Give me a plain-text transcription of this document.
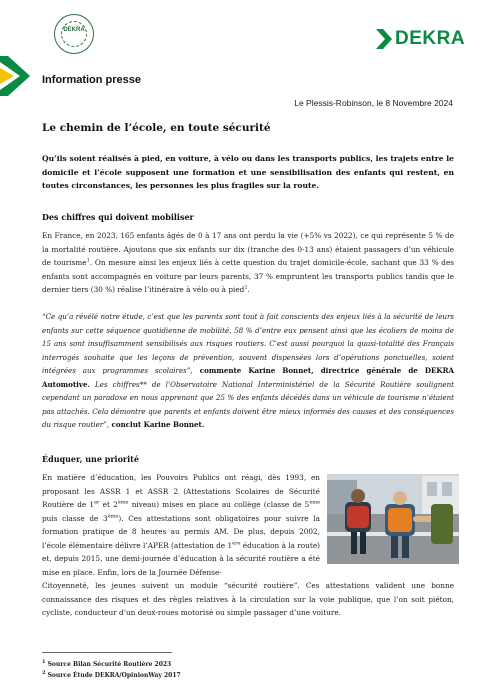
DEKRA	DEKRA
Information presse
Le Plessis-Robinson, le 8 Novembre 2024
Le chemin de l’école, en toute sécurité
Qu’ils soient réalisés à pied, en voiture, à vélo ou dans les transports publics, les trajets entre le domicile et l’école supposent une formation et une sensibilisation des enfants qui restent, en toutes circonstances, les personnes les plus fragiles sur la route.
Des chiffres qui doivent mobiliser
En France, en 2023, 165 enfants âgés de 0 à 17 ans ont perdu la vie (+5% vs 2022), ce qui représente 5 % de la mortalité routière. Ajoutons que six enfants sur dix (tranche des 0-13 ans) étaient passagers d’un véhicule de tourisme$^1$. On mesure ainsi les enjeux liés à cette question du trajet domicile-école, sachant que 33 % des enfants sont accompagnés en voiture par leurs parents, 37 % empruntent les transports publics tandis que le dernier tiers (30 %) réalise l’itinéraire à vélo ou à pied$^2$.
“Ce qu’a révélé notre étude, c’est que les parents sont tout à fait conscients des enjeux liés à la sécurité de leurs enfants sur cette séquence quotidienne de mobilité. 58 % d’entre eux pensent ainsi que les écoliers de moins de 15 ans sont insuffisamment sensibilisés aux risques routiers. C’est aussi pourquoi la quasi-totalité des Français interrogés souhaite que les leçons de prévention, souvent dispensées lors d’opérations ponctuelles, soient intégrées aux programmes scolaires”, commente Karine Bonnet, directrice générale de DEKRA Automotive. Les chiffres** de l’Observatoire National Interministériel de la Sécurité Routière soulignent cependant un paradoxe en nous apprenant que 25 % des enfants décédés dans un véhicule de tourisme n’étaient pas attachés. Cela démontre que parents et enfants doivent être mieux informés des causes et des conséquences du risque routier”, conclut Karine Bonnet.
Éduquer, une priorité
En matière d’éducation, les Pouvoirs Publics ont réagi, dès 1993, en proposant les ASSR 1 et ASSR 2 (Attestations Scolaires de Sécurité Routière de 1er et 2ème niveau) mises en place au collège (classe de 5ème puis classe de 3ème). Ces attestations sont obligatoires pour suivre la formation pratique de 8 heures au permis AM. De plus, depuis 2002, l’école élémentaire délivre l’APER (attestation de 1ère éducation à la route) et, depuis 2015, une demi-journée d’éducation à la sécurité routière a été mise en place. Enfin, lors de la Journée Défense-
Citoyenneté, les jeunes suivent un module “sécurité routière”. Ces attestations valident une bonne connaissance des risques et des règles relatives à la circulation sur la voie publique, que l’on soit piéton, cycliste, conducteur d’un deux-roues motorisé ou simple passager d’une voiture.
$^1$ Source Bilan Sécurité Routière 2023
$^2$ Source Étude DEKRA/OpinionWay 2017
